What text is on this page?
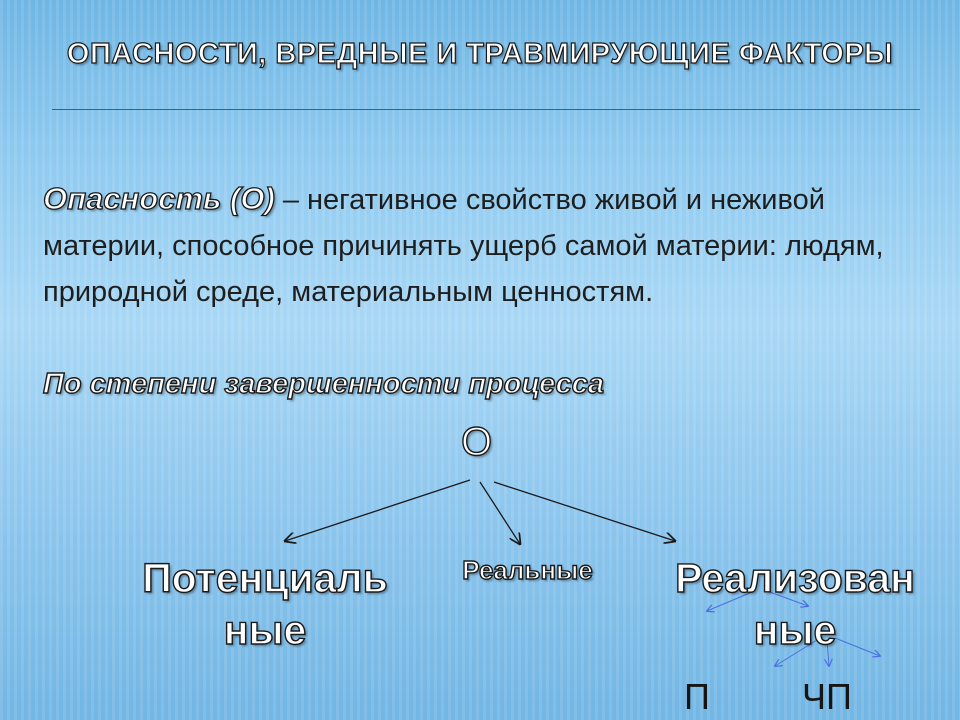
ОПАСНОСТИ, ВРЕДНЫЕ И ТРАВМИРУЮЩИЕ ФАКТОРЫ
Опасность (О) – негативное свойство живой и неживой материи, способное причинять ущерб самой материи: людям, природной среде, материальным ценностям.
По степени завершенности процесса
О
Потенциаль
ные
Реальные	Реализован
ные
П	ЧП
